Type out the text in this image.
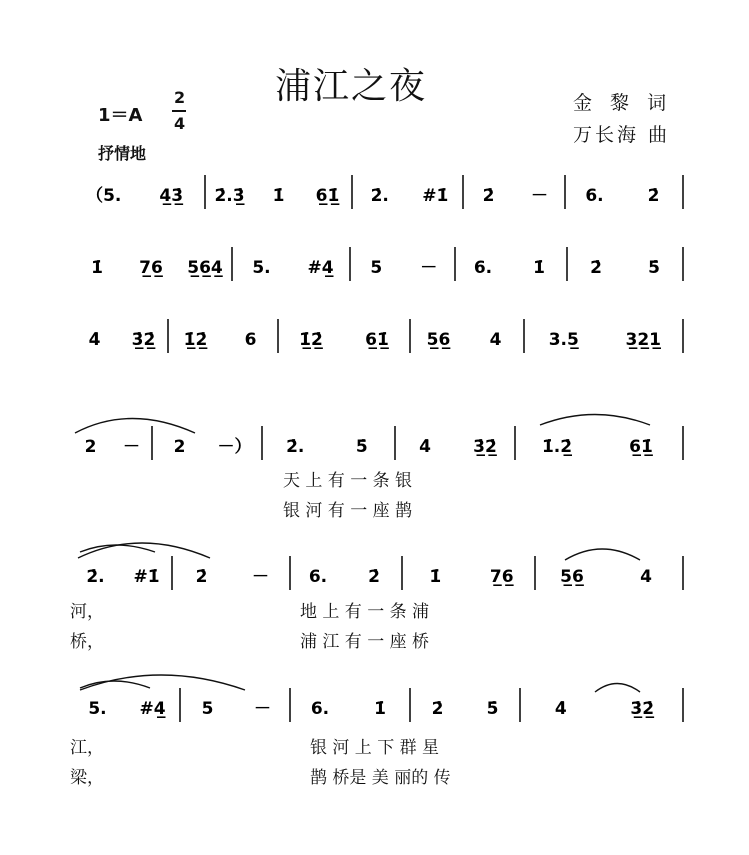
浦江之夜
1＝A
2
4
抒情地
金 黎 词
万长海 曲
（5. 4̲3̲̇ 2̇.3̲̇ 1̇ 6̲1̲̇ 2̇. #1̇ 2̇ － 6.	2̇
1̇ 7̲6̲ 5̲6̲4̲ 5. #4̲ 5 － 6. 1̇	2̇	5̇
4̇ 3̲̇2̲̇ 1̲̇2̲̇ 6	1̲̇2̲̇ 6̲1̲̇ 5̲6̲ 4	3.5̲	3̲2̲1̲
2 － 2 －） 2̇.	5̇	4̇ 3̲̇2̲̇	1̇.2̲̇	6̲1̲̇
2̇. #1̇ 2̇	－ 6. 2̇	1̇	7̲6̲	5̲6̲	4
5. #4̲ 5 － 6.	1̇	2̇	5̇	4̇	3̲̇2̲̇
天 上 有 一 条 银
银 河 有 一 座 鹊
河，	地 上 有 一 条 浦
桥，	浦 江 有 一 座 桥
江，	银 河 上 下 群 星
梁，	鹊 桥是 美 丽的 传
